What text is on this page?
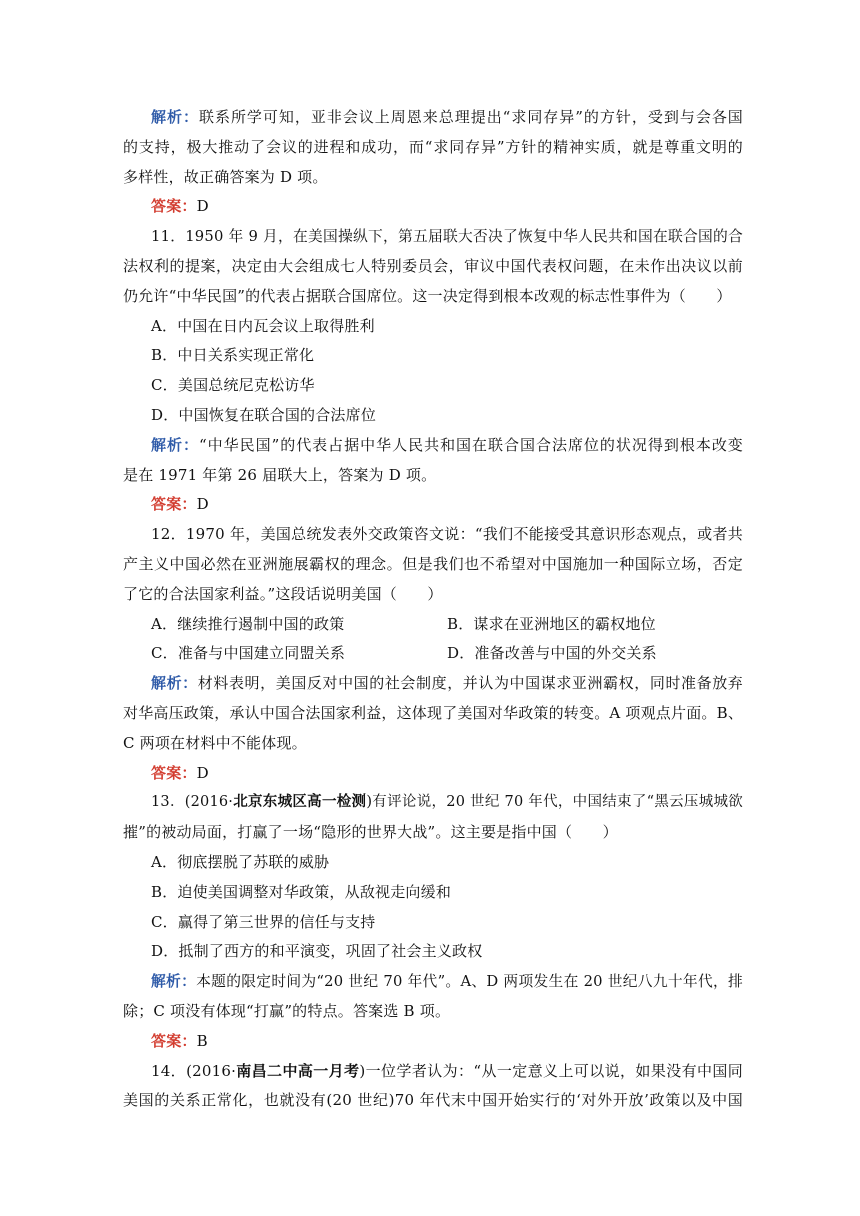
解析：联系所学可知，亚非会议上周恩来总理提出“求同存异”的方针，受到与会各国
的支持，极大推动了会议的进程和成功，而“求同存异”方针的精神实质，就是尊重文明的
多样性，故正确答案为 D 项。
答案：D
11．1950 年 9 月，在美国操纵下，第五届联大否决了恢复中华人民共和国在联合国的合
法权利的提案，决定由大会组成七人特别委员会，审议中国代表权问题，在未作出决议以前
仍允许“中华民国”的代表占据联合国席位。这一决定得到根本改观的标志性事件为（　　）
A．中国在日内瓦会议上取得胜利
B．中日关系实现正常化
C．美国总统尼克松访华
D．中国恢复在联合国的合法席位
解析：“中华民国”的代表占据中华人民共和国在联合国合法席位的状况得到根本改变
是在 1971 年第 26 届联大上，答案为 D 项。
答案：D
12．1970 年，美国总统发表外交政策咨文说：“我们不能接受其意识形态观点，或者共
产主义中国必然在亚洲施展霸权的理念。但是我们也不希望对中国施加一种国际立场，否定
了它的合法国家利益。”这段话说明美国（　　）
A．继续推行遏制中国的政策	B．谋求在亚洲地区的霸权地位
C．准备与中国建立同盟关系	D．准备改善与中国的外交关系
解析：材料表明，美国反对中国的社会制度，并认为中国谋求亚洲霸权，同时准备放弃
对华高压政策，承认中国合法国家利益，这体现了美国对华政策的转变。A 项观点片面。B、
C 两项在材料中不能体现。
答案：D
13．(2016·北京东城区高一检测)有评论说，20 世纪 70 年代，中国结束了“黑云压城城欲
摧”的被动局面，打赢了一场“隐形的世界大战”。这主要是指中国（　　）
A．彻底摆脱了苏联的威胁
B．迫使美国调整对华政策，从敌视走向缓和
C．赢得了第三世界的信任与支持
D．抵制了西方的和平演变，巩固了社会主义政权
解析：本题的限定时间为“20 世纪 70 年代”。A、D 两项发生在 20 世纪八九十年代，排
除；C 项没有体现“打赢”的特点。答案选 B 项。
答案：B
14．(2016·南昌二中高一月考)一位学者认为：“从一定意义上可以说，如果没有中国同
美国的关系正常化，也就没有(20 世纪)70 年代末中国开始实行的‘对外开放’政策以及中国
